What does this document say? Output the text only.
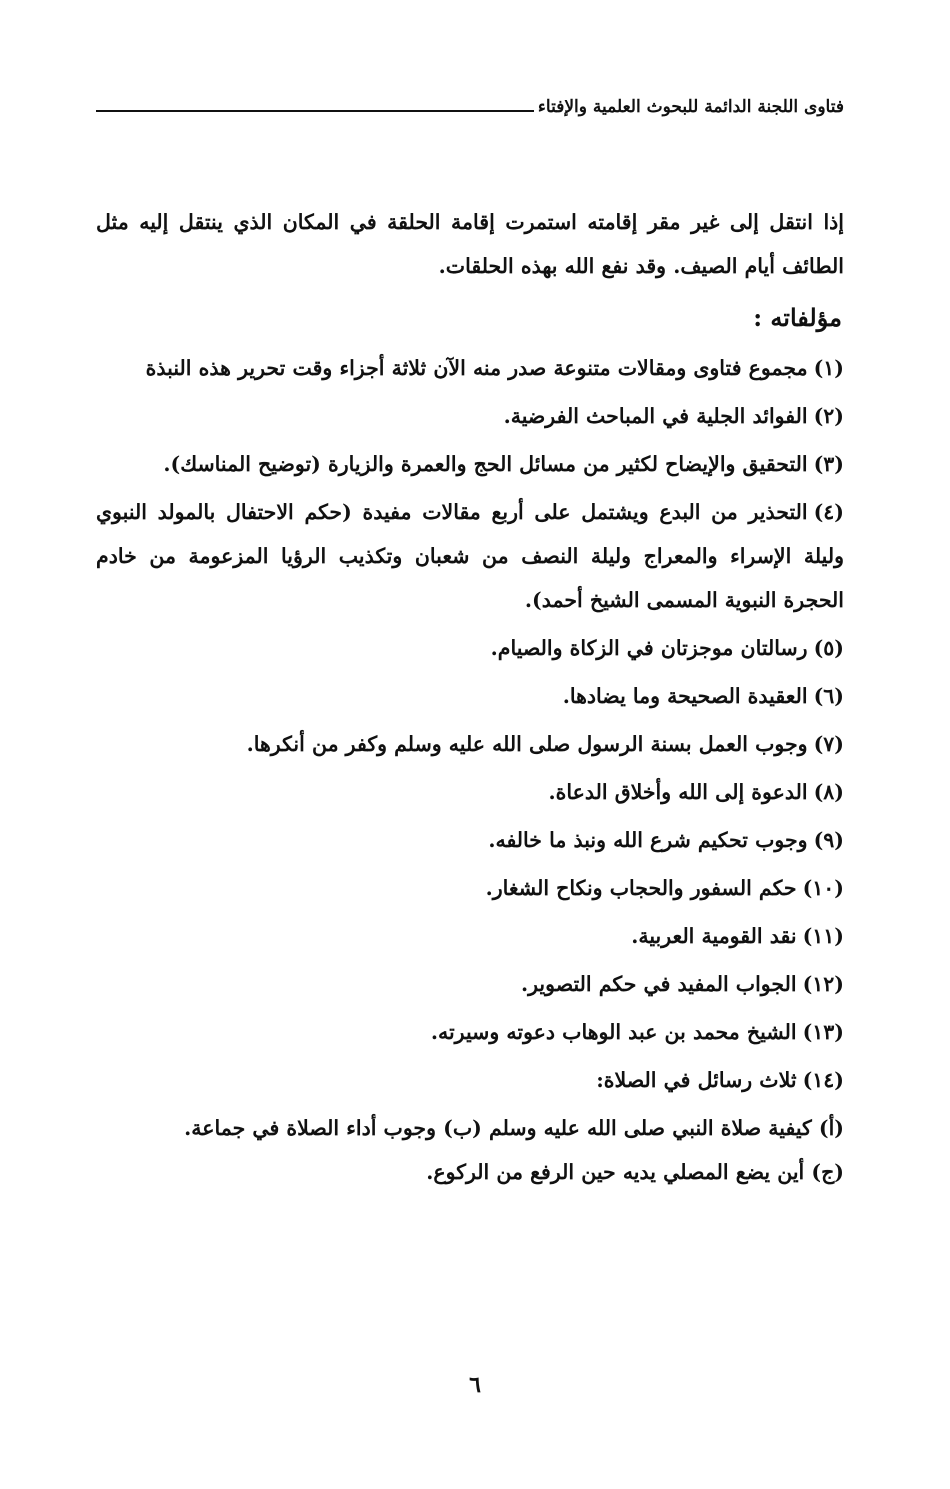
فتاوى اللجنة الدائمة للبحوث العلمية والإفتاء

إذا انتقل إلى غير مقر إقامته استمرت إقامة الحلقة في المكان الذي ينتقل إليه مثل الطائف أيام الصيف. وقد نفع الله بهذه الحلقات.

مؤلفاته :

(١)مجموع فتاوى ومقالات متنوعة صدر منه الآن ثلاثة أجزاء وقت تحرير هذه النبذة

(٢)الفوائد الجلية في المباحث الفرضية.

(٣)التحقيق والإيضاح لكثير من مسائل الحج والعمرة والزيارة (توضيح المناسك).

(٤)التحذير من البدع ويشتمل على أربع مقالات مفيدة (حكم الاحتفال بالمولد النبوي وليلة الإسراء والمعراج وليلة النصف من شعبان وتكذيب الرؤيا المزعومة من خادم الحجرة النبوية المسمى الشيخ أحمد).

(٥)رسالتان موجزتان في الزكاة والصيام.

(٦)العقيدة الصحيحة وما يضادها.

(٧)وجوب العمل بسنة الرسول صلى الله عليه وسلم وكفر من أنكرها.

(٨)الدعوة إلى الله وأخلاق الدعاة.

(٩)وجوب تحكيم شرع الله ونبذ ما خالفه.

(١٠)حكم السفور والحجاب ونكاح الشغار.

(١١)نقد القومية العربية.

(١٢)الجواب المفيد في حكم التصوير.

(١٣)الشيخ محمد بن عبد الوهاب دعوته وسيرته.

(١٤)ثلاث رسائل في الصلاة:

(أ) كيفية صلاة النبي صلى الله عليه وسلم (ب) وجوب أداء الصلاة في جماعة.

(ج) أين يضع المصلي يديه حين الرفع من الركوع.

٦
